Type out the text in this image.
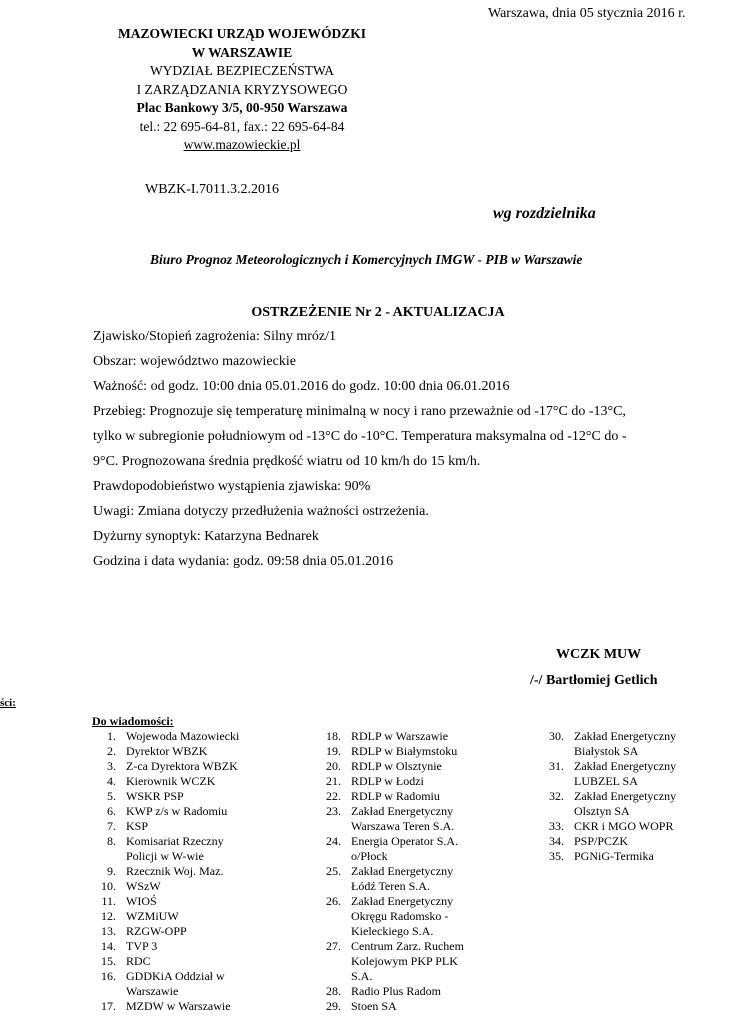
Warszawa, dnia 05 stycznia 2016 r.
MAZOWIECKI URZĄD WOJEWÓDZKI
W WARSZAWIE
WYDZIAŁ BEZPIECZEŃSTWA
I ZARZĄDZANIA KRYZYSOWEGO
Plac Bankowy 3/5, 00-950 Warszawa
tel.: 22 695-64-81, fax.: 22 695-64-84
www.mazowieckie.pl
WBZK-I.7011.3.2.2016
wg rozdzielnika
Biuro Prognoz Meteorologicznych i Komercyjnych IMGW - PIB w Warszawie
OSTRZEŻENIE Nr 2 - AKTUALIZACJA
Zjawisko/Stopień zagrożenia: Silny mróz/1
Obszar: województwo mazowieckie
Ważność: od godz. 10:00 dnia 05.01.2016 do godz. 10:00 dnia 06.01.2016
Przebieg: Prognozuje się temperaturę minimalną w nocy i rano przeważnie od -17°C do -13°C,
tylko w subregionie południowym od -13°C do -10°C. Temperatura maksymalna od -12°C do -
9°C. Prognozowana średnia prędkość wiatru od 10 km/h do 15 km/h.
Prawdopodobieństwo wystąpienia zjawiska: 90%
Uwagi: Zmiana dotyczy przedłużenia ważności ostrzeżenia.
Dyżurny synoptyk: Katarzyna Bednarek
Godzina i data wydania: godz. 09:58 dnia 05.01.2016
WCZK MUW
/-/ Bartłomiej Getlich
ści:
Do wiadomości:
1. Wojewoda Mazowiecki
2. Dyrektor WBZK
3. Z-ca Dyrektora WBZK
4. Kierownik WCZK
5. WSKR PSP
6. KWP z/s w Radomiu
7. KSP
8. Komisariat Rzeczny
Policji w W-wie
9. Rzecznik Woj. Maz.
10. WSzW
11. WIOŚ
12. WZMiUW
13. RZGW-OPP
14. TVP 3
15. RDC
16. GDDKiA Oddział w
Warszawie
17. MZDW w Warszawie
18. RDLP w Warszawie
19. RDLP w Białymstoku
20. RDLP w Olsztynie
21. RDLP w Łodzi
22. RDLP w Radomiu
23. Zakład Energetyczny
Warszawa Teren S.A.
24. Energia Operator S.A.
o/Płock
25. Zakład Energetyczny
Łódź Teren S.A.
26. Zakład Energetyczny
Okręgu Radomsko -
Kieleckiego S.A.
27. Centrum Zarz. Ruchem
Kolejowym PKP PLK
S.A.
28. Radio Plus Radom
29. Stoen SA
30. Zakład Energetyczny
Białystok SA
31. Zakład Energetyczny
LUBZEL SA
32. Zakład Energetyczny
Olsztyn SA
33. CKR i MGO WOPR
34. PSP/PCZK
35. PGNiG-Termika
